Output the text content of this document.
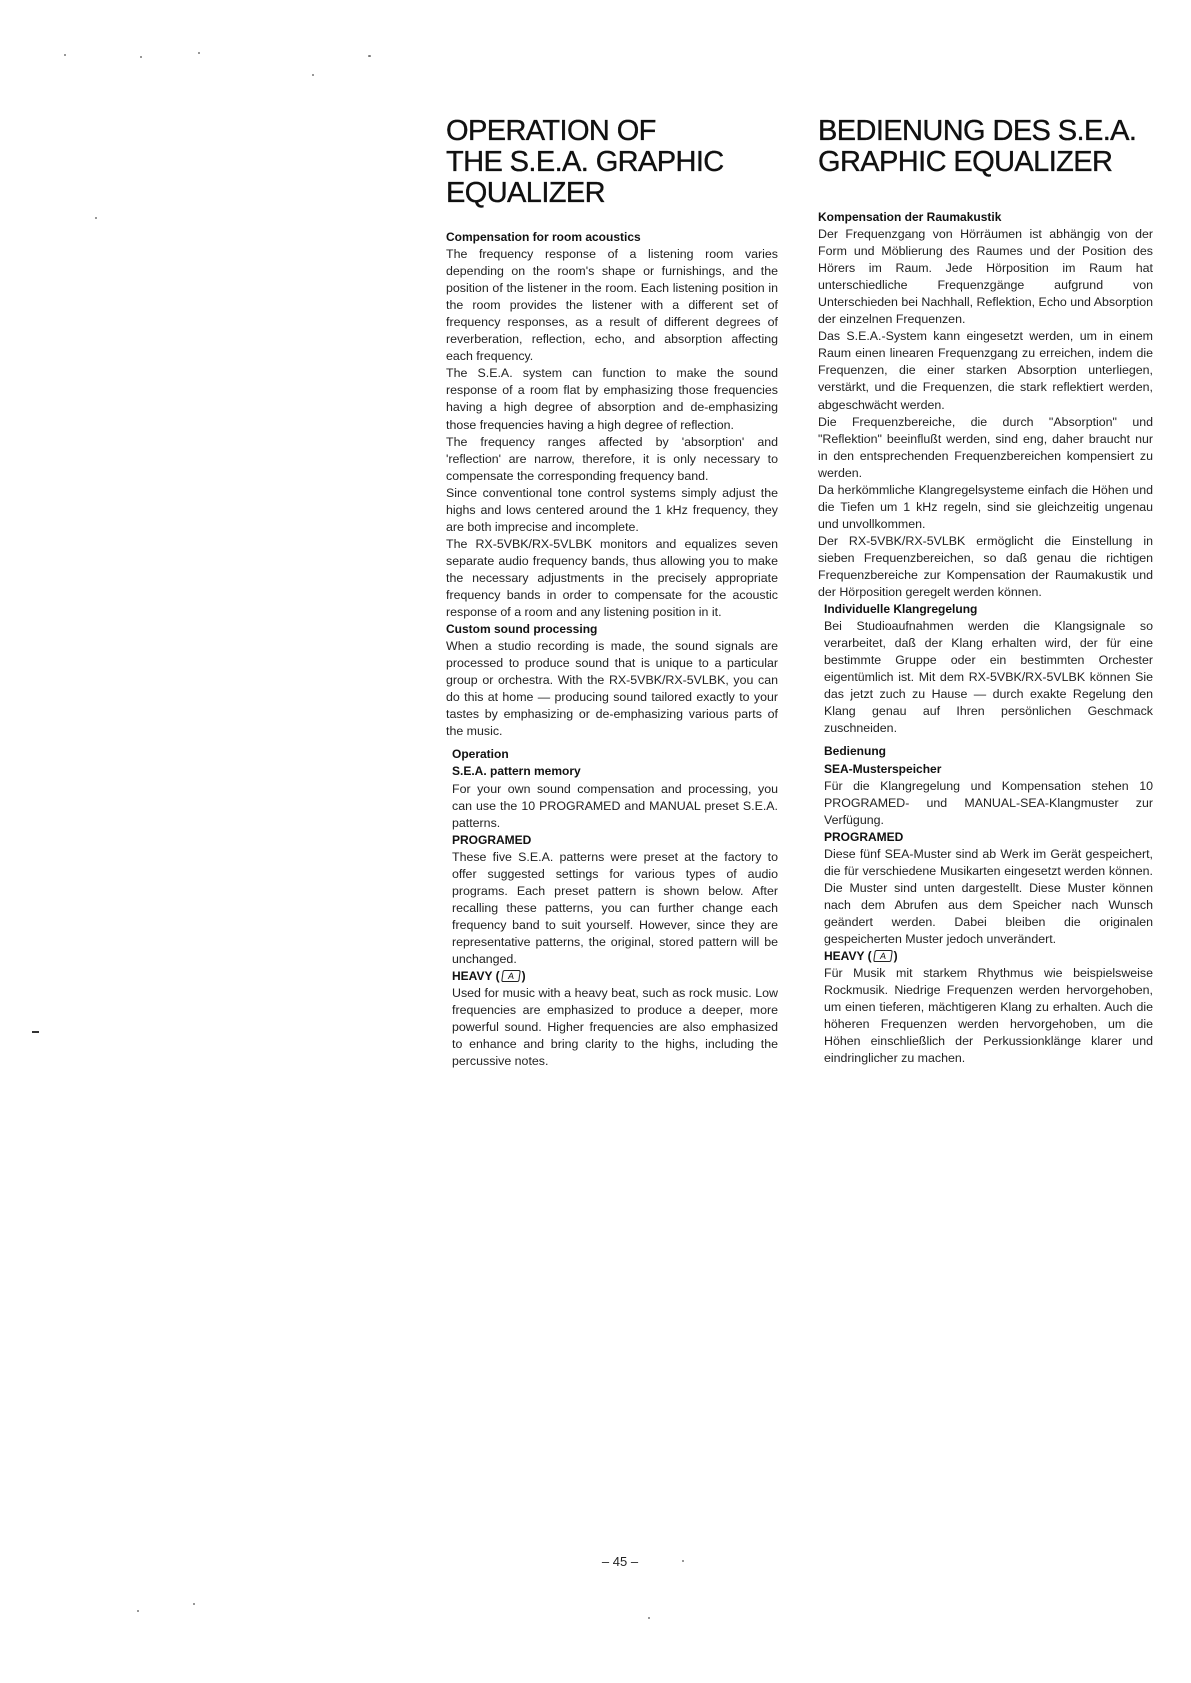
OPERATION OF
THE S.E.A. GRAPHIC
EQUALIZER

Compensation for room acoustics

The frequency response of a listening room varies depending on the room's shape or furnishings, and the position of the listener in the room. Each listening position in the room provides the listener with a different set of frequency responses, as a result of different degrees of reverberation, reflection, echo, and absorption affecting each frequency.

The S.E.A. system can function to make the sound response of a room flat by emphasizing those frequencies having a high degree of absorption and de-emphasizing those frequencies having a high degree of reflection.

The frequency ranges affected by 'absorption' and 'reflection' are narrow, therefore, it is only necessary to compensate the corresponding frequency band.

Since conventional tone control systems simply adjust the highs and lows centered around the 1 kHz frequency, they are both imprecise and incomplete.

The RX-5VBK/RX-5VLBK monitors and equalizes seven separate audio frequency bands, thus allowing you to make the necessary adjustments in the precisely appropriate frequency bands in order to compensate for the acoustic response of a room and any listening position in it.

Custom sound processing

When a studio recording is made, the sound signals are processed to produce sound that is unique to a particular group or orchestra. With the RX-5VBK/RX-5VLBK, you can do this at home — producing sound tailored exactly to your tastes by emphasizing or de-emphasizing various parts of the music.

Operation

S.E.A. pattern memory

For your own sound compensation and processing, you can use the 10 PROGRAMED and MANUAL preset S.E.A. patterns.

PROGRAMED

These five S.E.A. patterns were preset at the factory to offer suggested settings for various types of audio programs. Each preset pattern is shown below. After recalling these patterns, you can further change each frequency band to suit yourself. However, since they are representative patterns, the original, stored pattern will be unchanged.

HEAVY ( A )

Used for music with a heavy beat, such as rock music. Low frequencies are emphasized to produce a deeper, more powerful sound. Higher frequencies are also emphasized to enhance and bring clarity to the highs, including the percussive notes.

BEDIENUNG DES S.E.A.
GRAPHIC EQUALIZER

Kompensation der Raumakustik

Der Frequenzgang von Hörräumen ist abhängig von der Form und Möblierung des Raumes und der Position des Hörers im Raum. Jede Hörposition im Raum hat unterschiedliche Frequenzgänge aufgrund von Unterschieden bei Nachhall, Reflektion, Echo und Absorption der einzelnen Frequenzen.

Das S.E.A.-System kann eingesetzt werden, um in einem Raum einen linearen Frequenzgang zu erreichen, indem die Frequenzen, die einer starken Absorption unterliegen, verstärkt, und die Frequenzen, die stark reflektiert werden, abgeschwächt werden.

Die Frequenzbereiche, die durch "Absorption" und "Reflektion" beeinflußt werden, sind eng, daher braucht nur in den entsprechenden Frequenzbereichen kompensiert zu werden.

Da herkömmliche Klangregelsysteme einfach die Höhen und die Tiefen um 1 kHz regeln, sind sie gleichzeitig ungenau und unvollkommen.

Der RX-5VBK/RX-5VLBK ermöglicht die Einstellung in sieben Frequenzbereichen, so daß genau die richtigen Frequenzbereiche zur Kompensation der Raumakustik und der Hörposition geregelt werden können.

Individuelle Klangregelung

Bei Studioaufnahmen werden die Klangsignale so verarbeitet, daß der Klang erhalten wird, der für eine bestimmte Gruppe oder ein bestimmten Orchester eigentümlich ist. Mit dem RX-5VBK/RX-5VLBK können Sie das jetzt zuch zu Hause — durch exakte Regelung den Klang genau auf Ihren persönlichen Geschmack zuschneiden.

Bedienung

SEA-Musterspeicher

Für die Klangregelung und Kompensation stehen 10 PROGRAMED- und MANUAL-SEA-Klangmuster zur Verfügung.

PROGRAMED

Diese fünf SEA-Muster sind ab Werk im Gerät gespeichert, die für verschiedene Musikarten eingesetzt werden können. Die Muster sind unten dargestellt. Diese Muster können nach dem Abrufen aus dem Speicher nach Wunsch geändert werden. Dabei bleiben die originalen gespeicherten Muster jedoch unverändert.

HEAVY ( A )

Für Musik mit starkem Rhythmus wie beispielsweise Rockmusik. Niedrige Frequenzen werden hervorgehoben, um einen tieferen, mächtigeren Klang zu erhalten. Auch die höheren Frequenzen werden hervorgehoben, um die Höhen einschließlich der Perkussionklänge klarer und eindringlicher zu machen.

– 45 –
